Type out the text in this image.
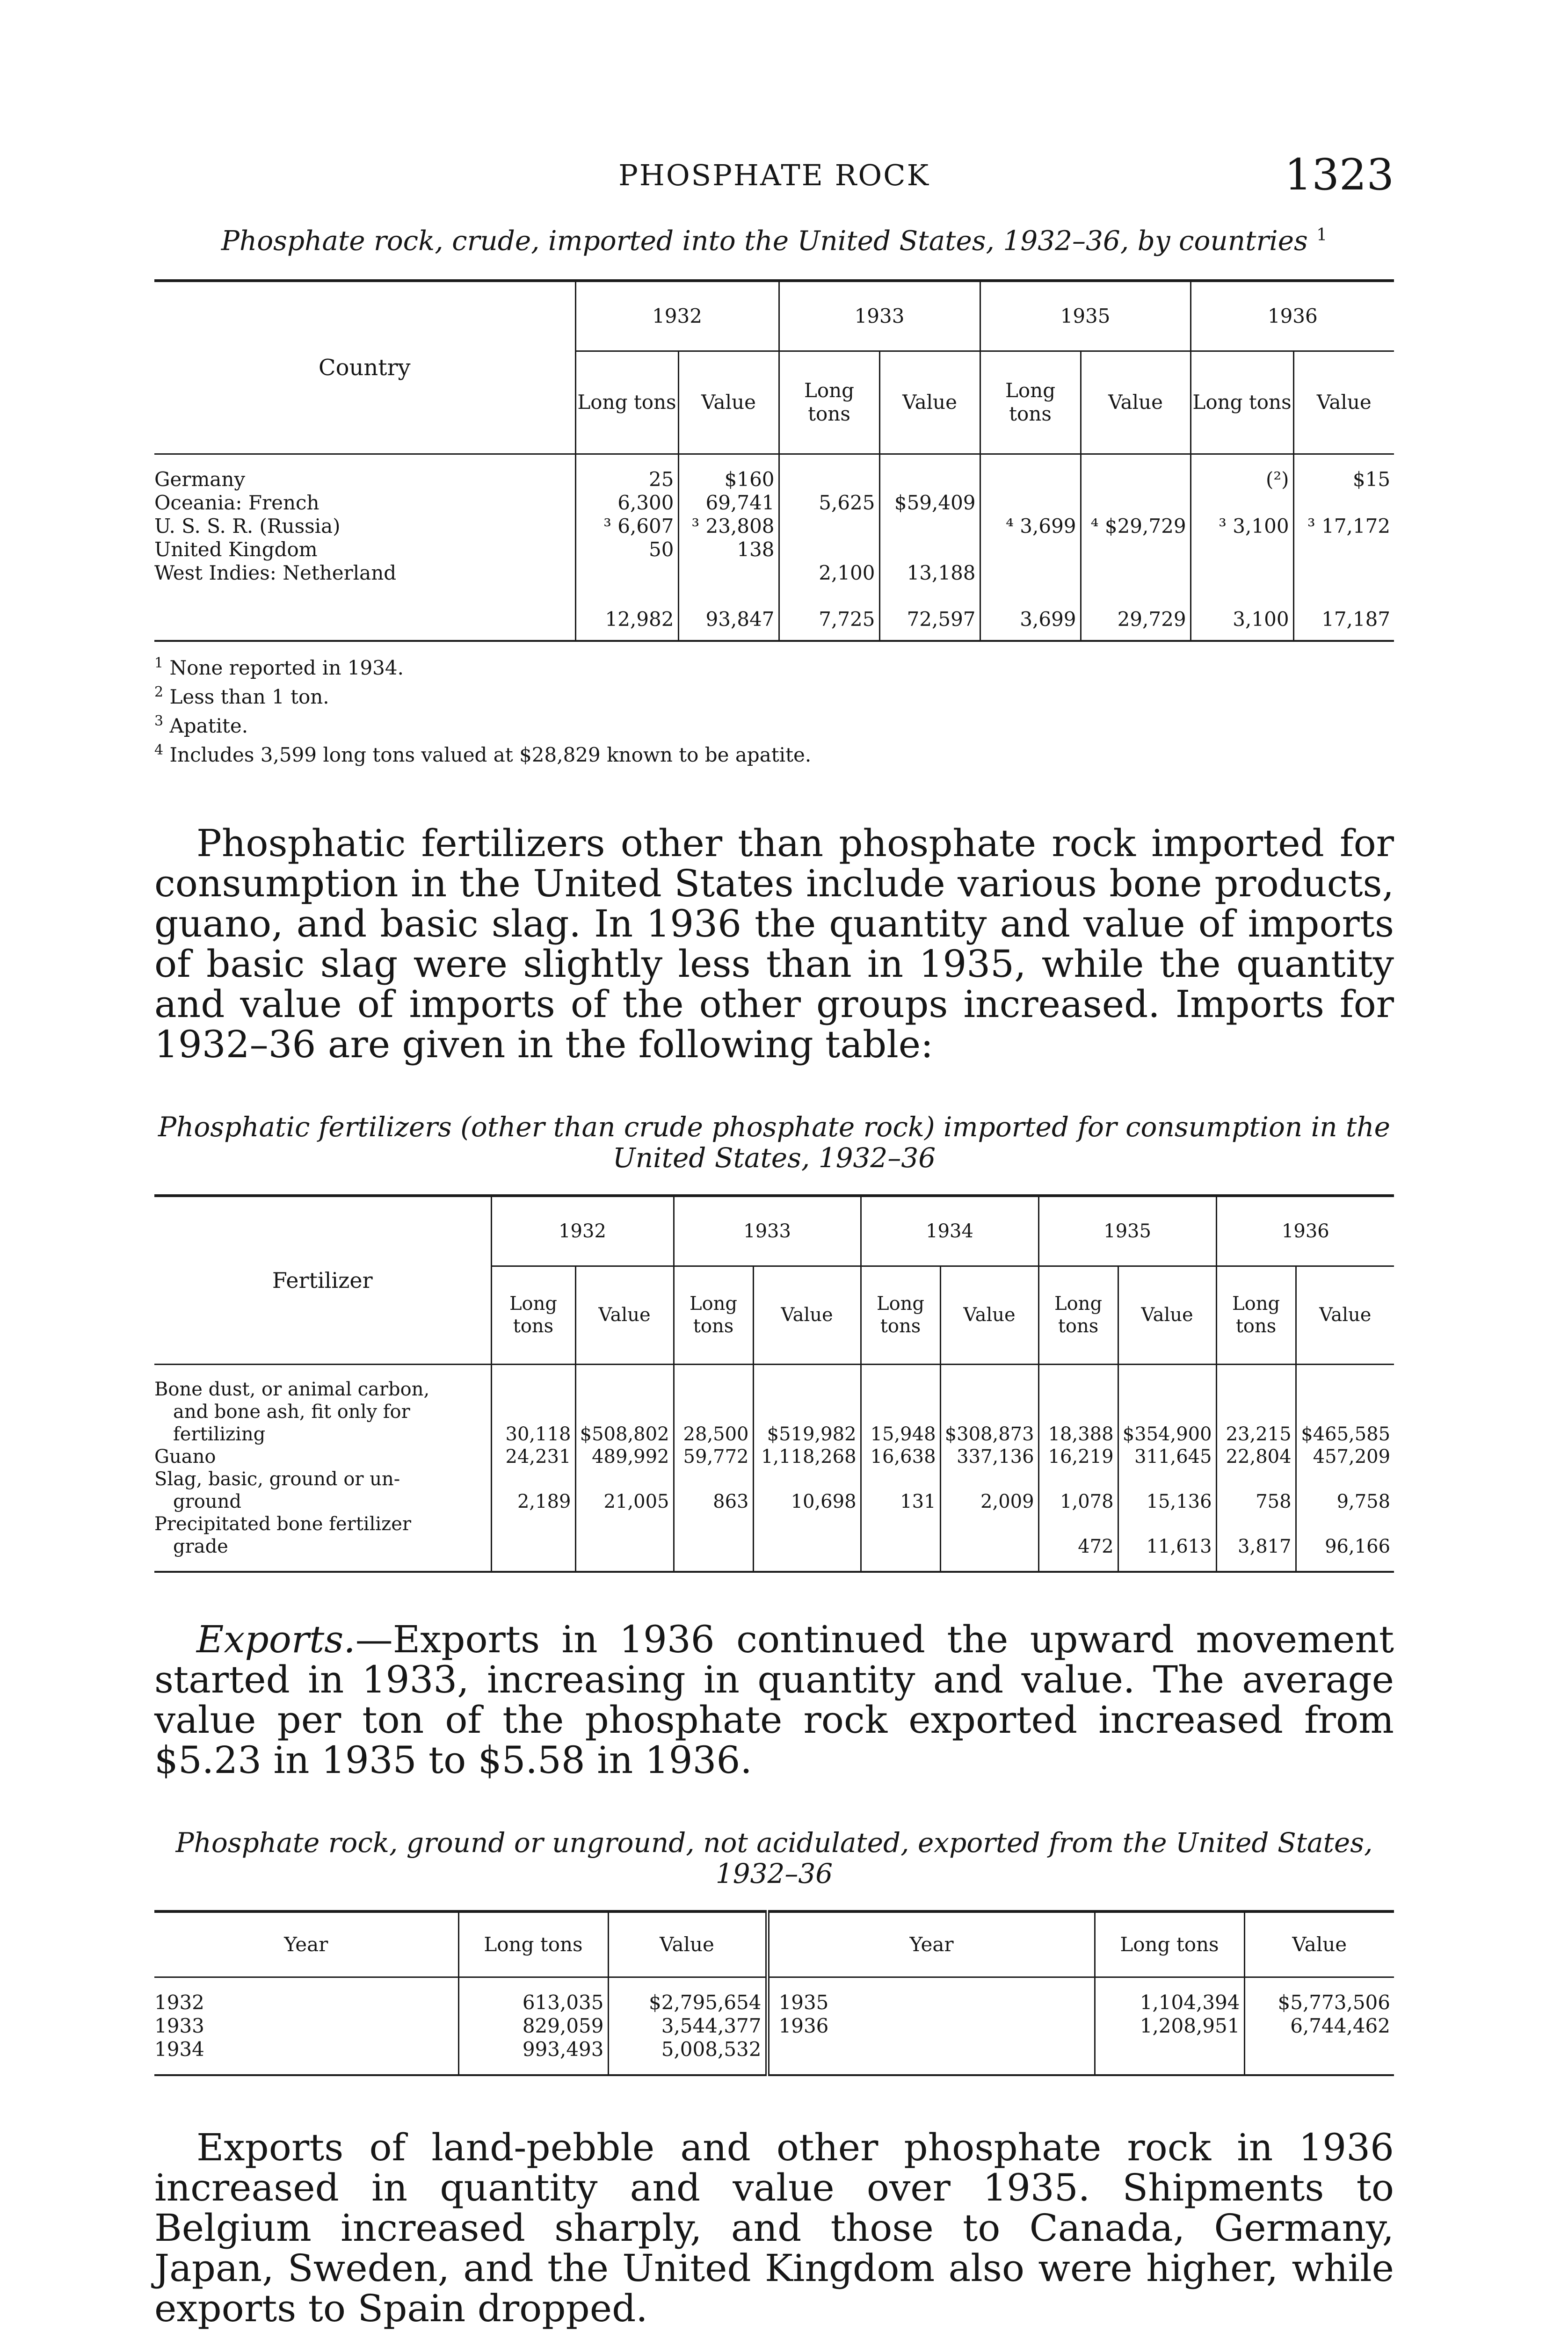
PHOSPHATE ROCK	1323
Phosphate rock, crude, imported into the United States, 1932–36, by countries $^1$
Country	1932		1933		1935		1936	
	Long tons	Value	Long tons	Value	Long tons	Value	Long tons	Value

Germany	25	$160					(²)	$15
Oceania: French	6,300	69,741	5,625	$59,409				
U. S. S. R. (Russia)	³ 6,607	³ 23,808			⁴ 3,699	⁴ $29,729	³ 3,100	³ 17,172
United Kingdom	50	138						
West Indies: Netherland			2,100	13,188				

	12,982	93,847	7,725	72,597	3,699	29,729	3,100	17,187

$^1$ None reported in 1934.

$^2$ Less than 1 ton.

$^3$ Apatite.

$^4$ Includes 3,599 long tons valued at $28,829 known to be apatite.

Phosphatic fertilizers other than phosphate rock imported for consumption in the United States include various bone products, guano, and basic slag. In 1936 the quantity and value of imports of basic slag were slightly less than in 1935, while the quantity and value of imports of the other groups increased. Imports for 1932–36 are given in the following table:

Phosphatic fertilizers (other than crude phosphate rock) imported for consumption in the United States, 1932–36
Fertilizer	1932		1933		1934		1935		1936	
	Long tons	Value	Long tons	Value	Long tons	Value	Long tons	Value	Long tons	Value

Bone dust, or animal carbon,
and bone ash, fit only for
fertilizing	30,118	$508,802	28,500	$519,982	15,948	$308,873	18,388	$354,900	23,215	$465,585

Guano	24,231	489,992	59,772	1,118,268	16,638	337,136	16,219	311,645	22,804	457,209

Slag, basic, ground or un-
ground	2,189	21,005	863	10,698	131	2,009	1,078	15,136	758	9,758

Precipitated bone fertilizer
grade							472	11,613	3,817	96,166

Exports.—Exports in 1936 continued the upward movement started in 1933, increasing in quantity and value. The average value per ton of the phosphate rock exported increased from $5.23 in 1935 to $5.58 in 1936.

Phosphate rock, ground or unground, not acidulated, exported from the United States, 1932–36
Year	Long tons	Value	Year	Long tons	Value

1932	613,035	$2,795,654	1935	1,104,394	$5,773,506
1933	829,059	3,544,377	1936	1,208,951	6,744,462
1934	993,493	5,008,532			

Exports of land-pebble and other phosphate rock in 1936 increased in quantity and value over 1935. Shipments to Belgium increased sharply, and those to Canada, Germany, Japan, Sweden, and the United Kingdom also were higher, while exports to Spain dropped.
